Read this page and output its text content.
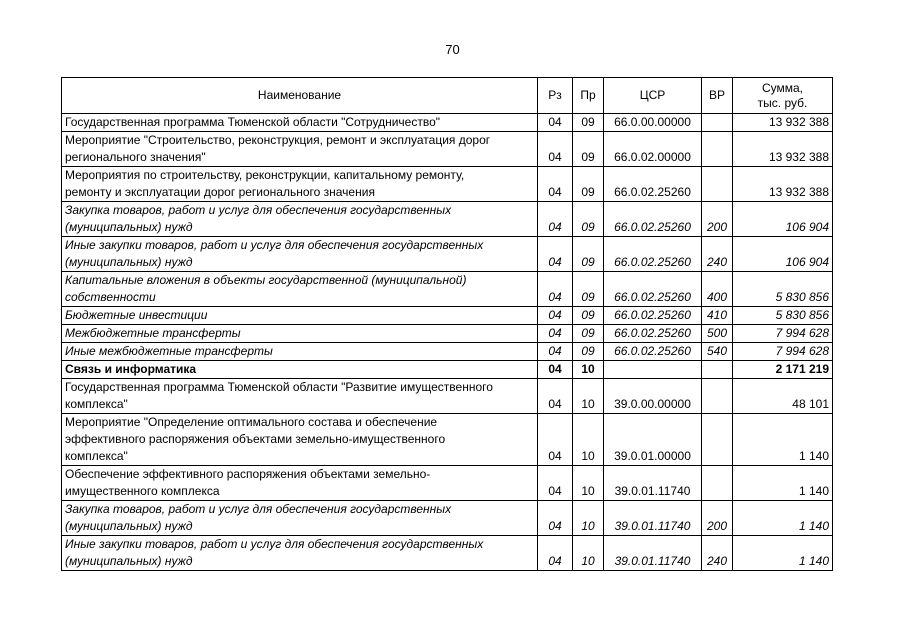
70
Наименование	Рз	Пр	ЦСР	ВР	Сумма,
тыс. руб.
Государственная программа Тюменской области "Сотрудничество"	04	09	66.0.00.00000		13 932 388
Мероприятие "Строительство, реконструкция, ремонт и эксплуатация дорог
регионального значения"	04	09	66.0.02.00000		13 932 388
Мероприятия по строительству, реконструкции, капитальному ремонту,
ремонту и эксплуатации дорог регионального значения	04	09	66.0.02.25260		13 932 388
Закупка товаров, работ и услуг для обеспечения государственных
(муниципальных) нужд	04	09	66.0.02.25260	200	106 904
Иные закупки товаров, работ и услуг для обеспечения государственных
(муниципальных) нужд	04	09	66.0.02.25260	240	106 904
Капитальные вложения в объекты государственной (муниципальной)
собственности	04	09	66.0.02.25260	400	5 830 856
Бюджетные инвестиции	04	09	66.0.02.25260	410	5 830 856
Межбюджетные трансферты	04	09	66.0.02.25260	500	7 994 628
Иные межбюджетные трансферты	04	09	66.0.02.25260	540	7 994 628
Связь и информатика	04	10			2 171 219
Государственная программа Тюменской области "Развитие имущественного
комплекса"	04	10	39.0.00.00000		48 101
Мероприятие "Определение оптимального состава и обеспечение
эффективного распоряжения объектами земельно-имущественного
комплекса"	04	10	39.0.01.00000		1 140
Обеспечение эффективного распоряжения объектами земельно-
имущественного комплекса	04	10	39.0.01.11740		1 140
Закупка товаров, работ и услуг для обеспечения государственных
(муниципальных) нужд	04	10	39.0.01.11740	200	1 140
Иные закупки товаров, работ и услуг для обеспечения государственных
(муниципальных) нужд	04	10	39.0.01.11740	240	1 140
